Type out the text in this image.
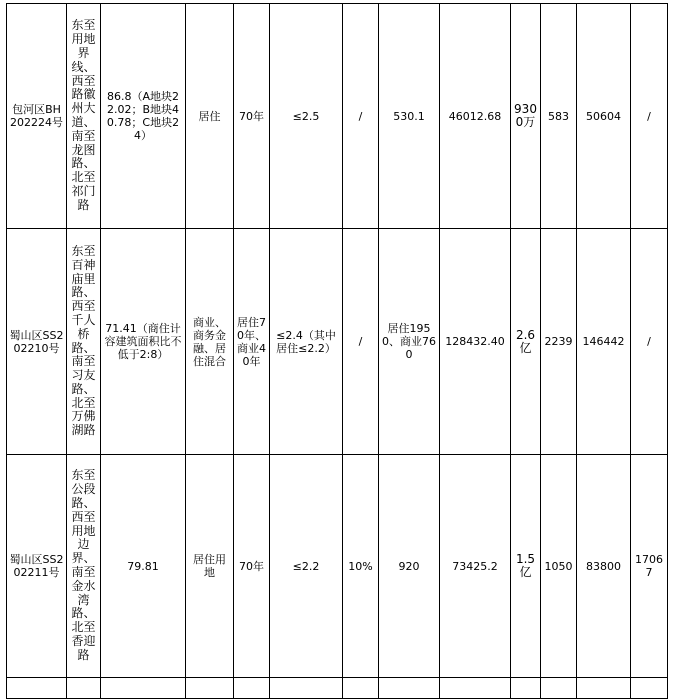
包河区BH202224号	东至用地界线、西至路徽州大道、南至龙图路、北至祁门路	86.8（A地块22.02；B地块40.78；C地块24）	居住	70年	≤2.5	/	530.1	46012.68	9300万	583	50604	/
蜀山区SS202210号	东至百神庙里路、西至千人桥路、南至习友路、北至万佛湖路	71.41（商住计容建筑面积比不低于2:8）	商业、商务金融、居住混合	居住70年、商业40年	≤2.4（其中居住≤2.2）	/	居住1950、商业760	128432.40	2.6亿	2239	146442	/
蜀山区SS202211号	东至公段路、西至用地边界、南至金水湾路、北至香迎路	79.81	居住用地	70年	≤2.2	10%	920	73425.2	1.5亿	1050	83800	17067
